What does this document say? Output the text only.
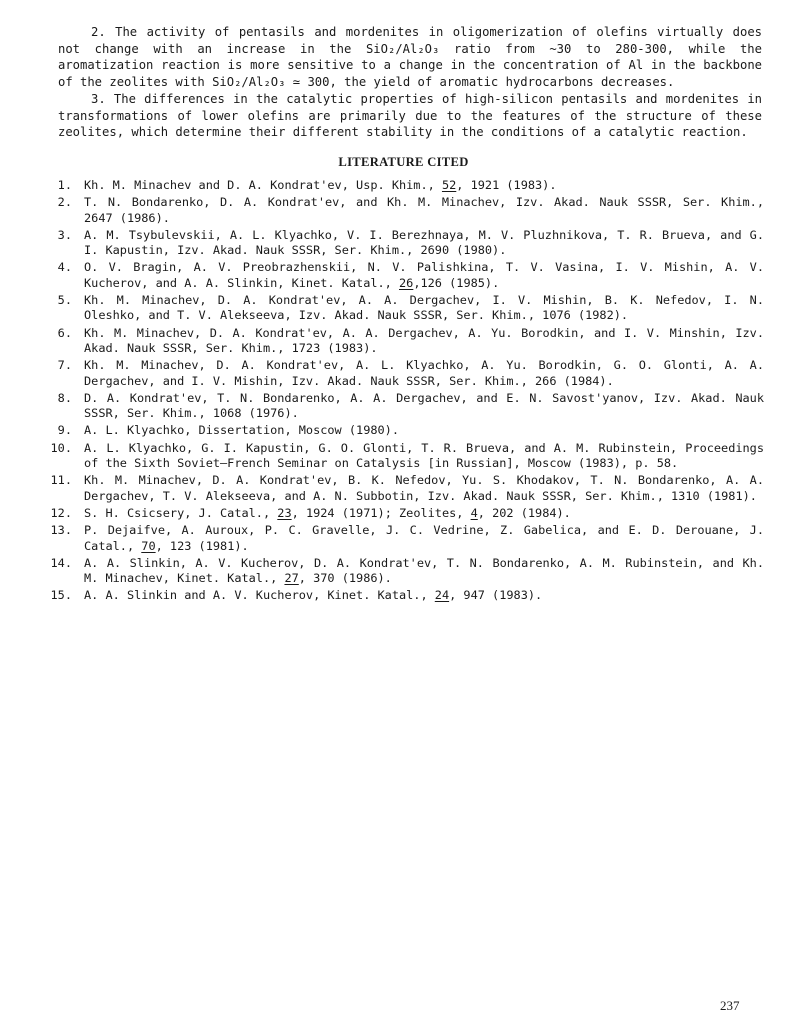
2. The activity of pentasils and mordenites in oligomerization of olefins virtually does not change with an increase in the SiO₂/Al₂O₃ ratio from ~30 to 280-300, while the aromatization reaction is more sensitive to a change in the concentration of Al in the backbone of the zeolites with SiO₂/Al₂O₃ ≃ 300, the yield of aromatic hydrocarbons decreases.

3. The differences in the catalytic properties of high-silicon pentasils and mordenites in transformations of lower olefins are primarily due to the features of the structure of these zeolites, which determine their different stability in the conditions of a catalytic reaction.

LITERATURE CITED
1. Kh. M. Minachev and D. A. Kondrat'ev, Usp. Khim., 52, 1921 (1983).
2. T. N. Bondarenko, D. A. Kondrat'ev, and Kh. M. Minachev, Izv. Akad. Nauk SSSR, Ser. Khim., 2647 (1986).
3. A. M. Tsybulevskii, A. L. Klyachko, V. I. Berezhnaya, M. V. Pluzhnikova, T. R. Brueva, and G. I. Kapustin, Izv. Akad. Nauk SSSR, Ser. Khim., 2690 (1980).
4. O. V. Bragin, A. V. Preobrazhenskii, N. V. Palishkina, T. V. Vasina, I. V. Mishin, A. V. Kucherov, and A. A. Slinkin, Kinet. Katal., 26,126 (1985).
5. Kh. M. Minachev, D. A. Kondrat'ev, A. A. Dergachev, I. V. Mishin, B. K. Nefedov, I. N. Oleshko, and T. V. Alekseeva, Izv. Akad. Nauk SSSR, Ser. Khim., 1076 (1982).
6. Kh. M. Minachev, D. A. Kondrat'ev, A. A. Dergachev, A. Yu. Borodkin, and I. V. Minshin, Izv. Akad. Nauk SSSR, Ser. Khim., 1723 (1983).
7. Kh. M. Minachev, D. A. Kondrat'ev, A. L. Klyachko, A. Yu. Borodkin, G. O. Glonti, A. A. Dergachev, and I. V. Mishin, Izv. Akad. Nauk SSSR, Ser. Khim., 266 (1984).
8. D. A. Kondrat'ev, T. N. Bondarenko, A. A. Dergachev, and E. N. Savost'yanov, Izv. Akad. Nauk SSSR, Ser. Khim., 1068 (1976).
9. A. L. Klyachko, Dissertation, Moscow (1980).
10. A. L. Klyachko, G. I. Kapustin, G. O. Glonti, T. R. Brueva, and A. M. Rubinstein, Proceedings of the Sixth Soviet–French Seminar on Catalysis [in Russian], Moscow (1983), p. 58.
11. Kh. M. Minachev, D. A. Kondrat'ev, B. K. Nefedov, Yu. S. Khodakov, T. N. Bondarenko, A. A. Dergachev, T. V. Alekseeva, and A. N. Subbotin, Izv. Akad. Nauk SSSR, Ser. Khim., 1310 (1981).
12. S. H. Csicsery, J. Catal., 23, 1924 (1971); Zeolites, 4, 202 (1984).
13. P. Dejaifve, A. Auroux, P. C. Gravelle, J. C. Vedrine, Z. Gabelica, and E. D. Derouane, J. Catal., 70, 123 (1981).
14. A. A. Slinkin, A. V. Kucherov, D. A. Kondrat'ev, T. N. Bondarenko, A. M. Rubinstein, and Kh. M. Minachev, Kinet. Katal., 27, 370 (1986).
15. A. A. Slinkin and A. V. Kucherov, Kinet. Katal., 24, 947 (1983).

237
